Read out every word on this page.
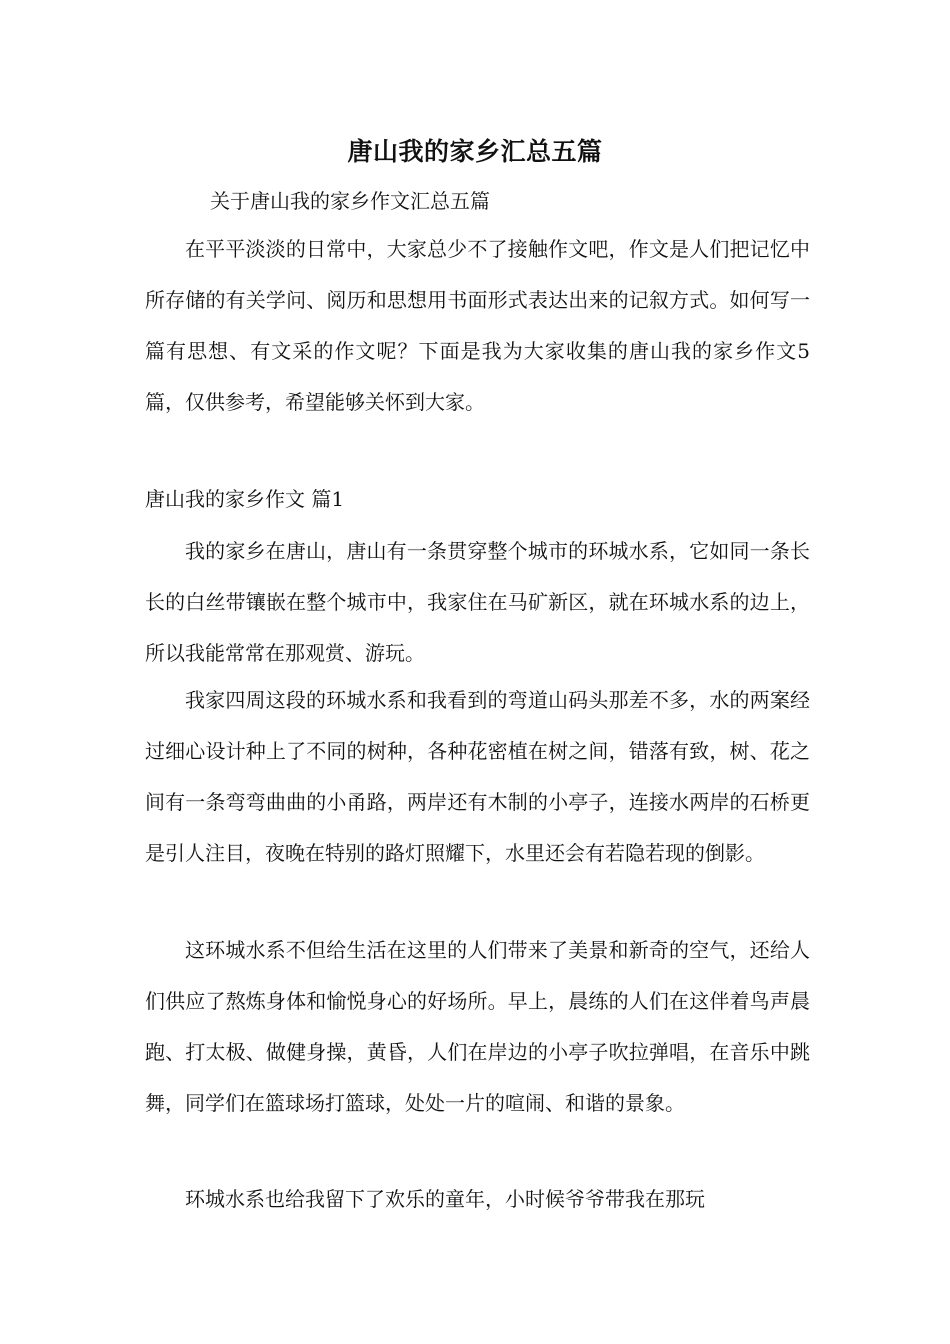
唐山我的家乡汇总五篇
关于唐山我的家乡作文汇总五篇
在平平淡淡的日常中，大家总少不了接触作文吧，作文是人们把记忆中所存储的有关学问、阅历和思想用书面形式表达出来的记叙方式。如何写一篇有思想、有文采的作文呢？下面是我为大家收集的唐山我的家乡作文5篇，仅供参考，希望能够关怀到大家。
唐山我的家乡作文 篇1
我的家乡在唐山，唐山有一条贯穿整个城市的环城水系，它如同一条长长的白丝带镶嵌在整个城市中，我家住在马矿新区，就在环城水系的边上，所以我能常常在那观赏、游玩。
我家四周这段的环城水系和我看到的弯道山码头那差不多，水的两案经过细心设计种上了不同的树种，各种花密植在树之间，错落有致，树、花之间有一条弯弯曲曲的小甬路，两岸还有木制的小亭子，连接水两岸的石桥更是引人注目，夜晚在特别的路灯照耀下，水里还会有若隐若现的倒影。
这环城水系不但给生活在这里的人们带来了美景和新奇的空气，还给人们供应了熬炼身体和愉悦身心的好场所。早上，晨练的人们在这伴着鸟声晨跑、打太极、做健身操，黄昏，人们在岸边的小亭子吹拉弹唱，在音乐中跳舞，同学们在篮球场打篮球，处处一片的喧闹、和谐的景象。
环城水系也给我留下了欢乐的童年，小时候爷爷带我在那玩
